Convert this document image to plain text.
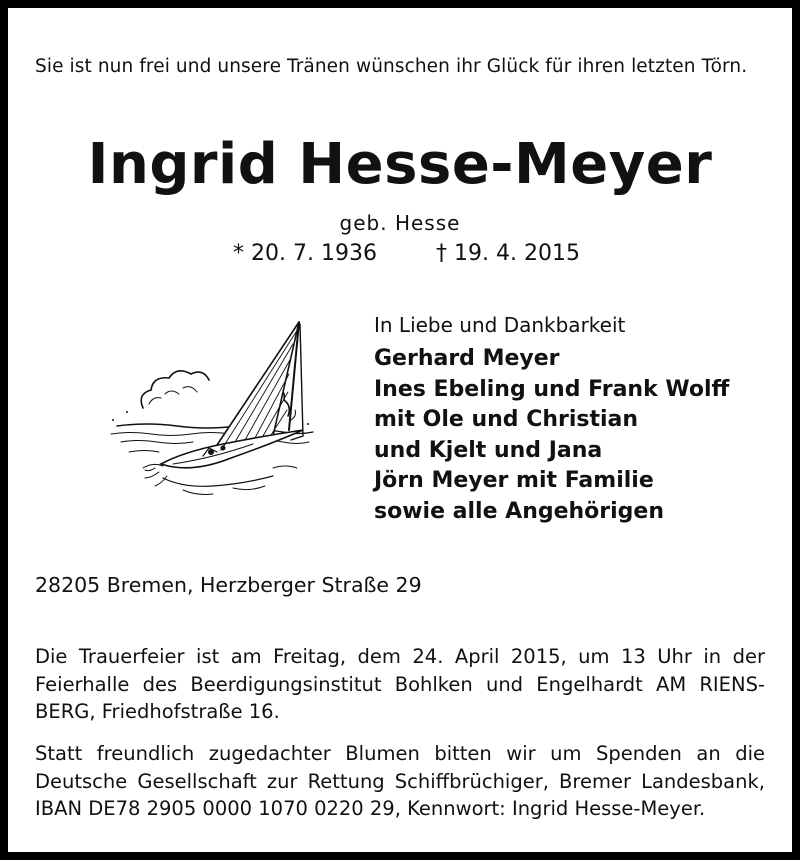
Sie ist nun frei und unsere Tränen wünschen ihr Glück für ihren letzten Törn.
Ingrid Hesse-Meyer
geb. Hesse
* 20. 7. 1936	† 19. 4. 2015
In Liebe und Dankbarkeit
Gerhard Meyer
Ines Ebeling und Frank Wolff
mit Ole und Christian
und Kjelt und Jana
Jörn Meyer mit Familie
sowie alle Angehörigen
28205 Bremen, Herzberger Straße 29
Die Trauerfeier ist am Freitag, dem 24. April 2015, um 13 Uhr in der
Feierhalle des Beerdigungsinstitut Bohlken und Engelhardt AM RIENS-
BERG, Friedhofstraße 16.
Statt freundlich zugedachter Blumen bitten wir um Spenden an die
Deutsche Gesellschaft zur Rettung Schiffbrüchiger, Bremer Landesbank,
IBAN DE78 2905 0000 1070 0220 29, Kennwort: Ingrid Hesse-Meyer.
